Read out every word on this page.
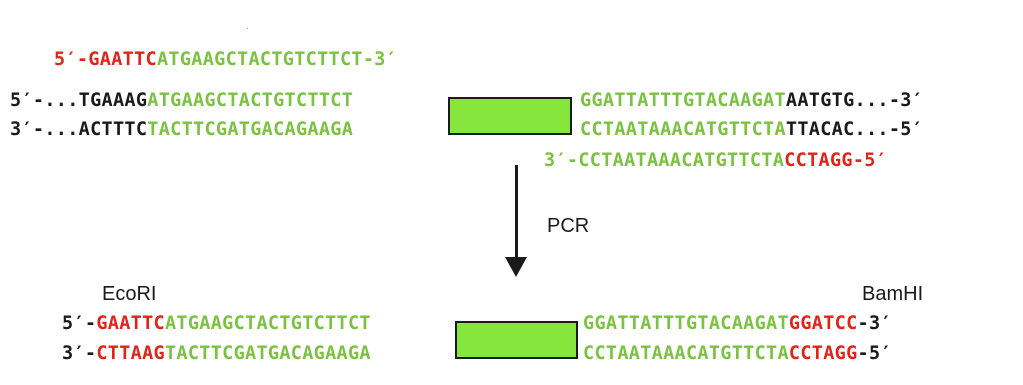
5′-GAATTCATGAAGCTACTGTCTTCT-3′
5′-...TGAAAGATGAAGCTACTGTCTTCT
3′-...ACTTTCTACTTCGATGACAGAAGA
GGATTATTTGTACAAGATAATGTG...-3′
CCTAATAAACATGTTCTATTACAC...-5′
3′-CCTAATAAACATGTTCTACCTAGG-5′
PCR
EcoRI	BamHI
5′-GAATTCATGAAGCTACTGTCTTCT
3′-CTTAAGTACTTCGATGACAGAAGA
GGATTATTTGTACAAGATGGATCC-3′
CCTAATAAACATGTTCTACCTAGG-5′
